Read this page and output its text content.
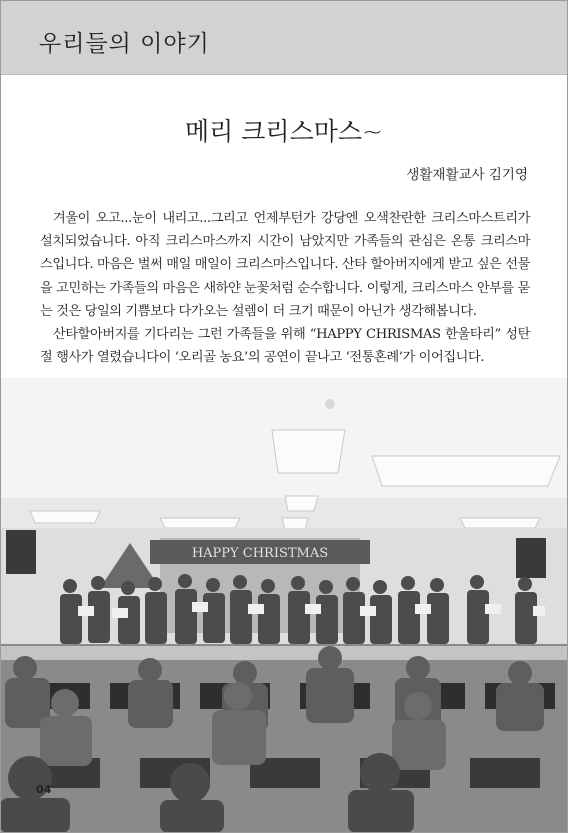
우리들의 이야기
메리 크리스마스~
생활재활교사 김기영

겨울이 오고...눈이 내리고...그리고 언제부턴가 강당엔 오색찬란한 크리스마스트리가 설치되었습니다. 아직 크리스마스까지 시간이 남았지만 가족들의 관심은 온통 크리스마스입니다. 마음은 벌써 매일 매일이 크리스마스입니다. 산타 할아버지에게 받고 싶은 선물을 고민하는 가족들의 마음은 새하얀 눈꽃처럼 순수합니다. 이렇게, 크리스마스 안부를 묻는 것은 당일의 기쁨보다 다가오는 설렘이 더 크기 때문이 아닌가 생각해봅니다.

산타할아버지를 기다리는 그런 가족들을 위해 “HAPPY CHRISMAS 한울타리” 성탄절 행사가 열렸습니다이 ‘오리골 농요’의 공연이 끝나고 ‘전통혼례’가 이어집니다.

HAPPY CHRISTMAS
04
